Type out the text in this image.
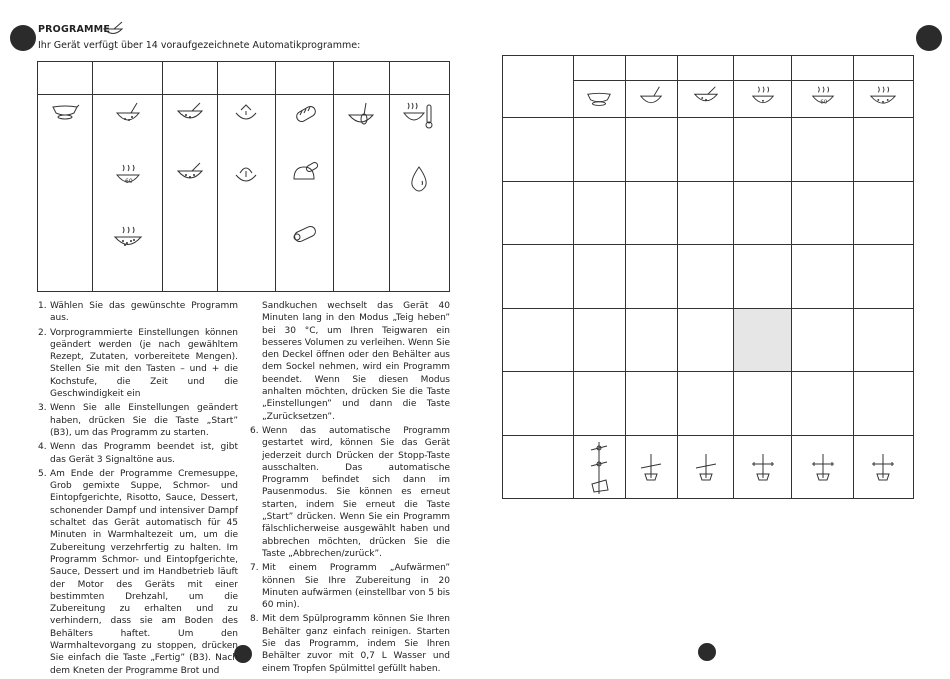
PROGRAMME
Ihr Gerät verfügt über 14 voraufgezeichnete Automatikprogramme:

60

1. Wählen Sie das gewünschte Programm aus.
2. Vorprogrammierte Einstellungen können geändert werden (je nach gewähltem Rezept, Zutaten, vorbereitete Mengen). Stellen Sie mit den Tasten – und + die Kochstufe, die Zeit und die Geschwindigkeit ein
3. Wenn Sie alle Einstellungen geändert haben, drücken Sie die Taste „Start” (B3), um das Programm zu starten.
4. Wenn das Programm beendet ist, gibt das Gerät 3 Signaltöne aus.
5. Am Ende der Programme Cremesuppe, Grob gemixte Suppe, Schmor- und Eintopfgerichte, Risotto, Sauce, Dessert, schonender Dampf und intensiver Dampf schaltet das Gerät automatisch für 45 Minuten in Warmhaltezeit um, um die Zubereitung verzehrfertig zu halten. Im Programm Schmor- und Eintopfgerichte, Sauce, Dessert und im Handbetrieb läuft der Motor des Geräts mit einer bestimmten Drehzahl, um die Zubereitung zu erhalten und zu verhindern, dass sie am Boden des Behälters haftet. Um den Warmhaltevorgang zu stoppen, drücken Sie einfach die Taste „Fertig” (B3). Nach dem Kneten der Programme Brot und

Sandkuchen wechselt das Gerät 40 Minuten lang in den Modus „Teig heben” bei 30 °C, um Ihren Teigwaren ein besseres Volumen zu verleihen. Wenn Sie den Deckel öffnen oder den Behälter aus dem Sockel nehmen, wird ein Programm beendet. Wenn Sie diesen Modus anhalten möchten, drücken Sie die Taste „Einstellungen” und dann die Taste „Zurücksetzen”.

6. Wenn das automatische Programm gestartet wird, können Sie das Gerät jederzeit durch Drücken der Stopp-Taste ausschalten. Das automatische Programm befindet sich dann im Pausenmodus. Sie können es erneut starten, indem Sie erneut die Taste „Start” drücken. Wenn Sie ein Programm fälschlicherweise ausgewählt haben und abbrechen möchten, drücken Sie die Taste „Abbrechen/zurück”.
7. Mit einem Programm „Aufwärmen” können Sie Ihre Zubereitung in 20 Minuten aufwärmen (einstellbar von 5 bis 60 min).
8. Mit dem Spülprogramm können Sie Ihren Behälter ganz einfach reinigen. Starten Sie das Programm, indem Sie Ihren Behälter zuvor mit 0,7 L Wasser und einem Tropfen Spülmittel gefüllt haben.

60
